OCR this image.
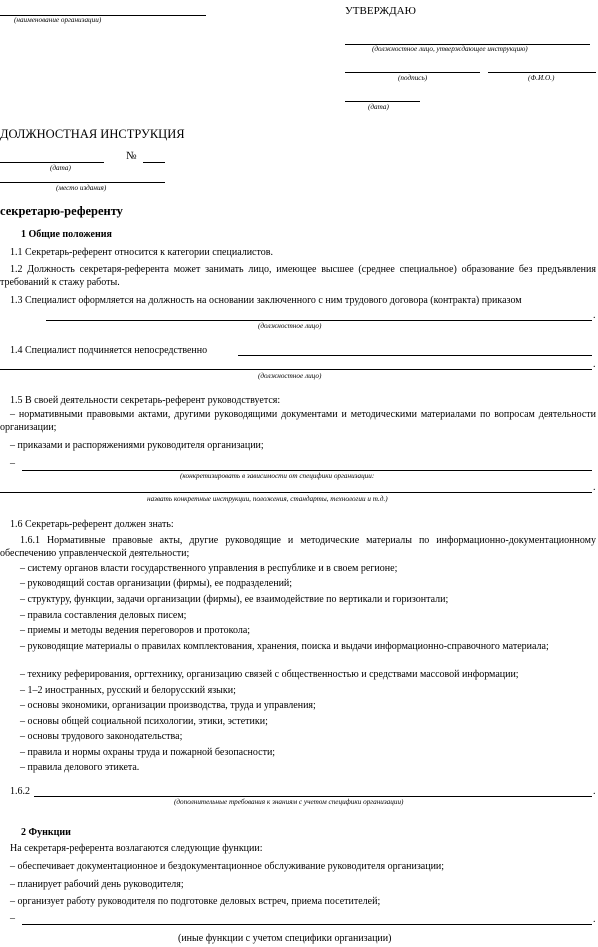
(наименование организации)
УТВЕРЖДАЮ
(должностное лицо, утверждающее инструкцию)
(подпись)	(Ф.И.О.)
(дата)
ДОЛЖНОСТНАЯ ИНСТРУКЦИЯ
№
(дата)
(место издания)
секретарю-референту
1 Общие положения
1.1 Секретарь-референт относится к категории специалистов.
1.2 Должность секретаря-референта может занимать лицо, имеющее высшее (среднее специальное) образование без предъявления требований к стажу работы.
1.3 Специалист оформляется на должность на основании заключенного с ним трудового договора (контракта) приказом
.
(должностное лицо)
1.4 Специалист подчиняется непосредственно
.
(должностное лицо)
1.5 В своей деятельности секретарь-референт руководствуется:
– нормативными правовыми актами, другими руководящими документами и методическими материалами по вопросам деятельности организации;
– приказами и распоряжениями руководителя организации;
–
(конкретизировать в зависимости от специфики организации:
.
назвать конкретные инструкции, положения, стандарты, технологии и т.д.)
1.6 Секретарь-референт должен знать:
1.6.1 Нормативные правовые акты, другие руководящие и методические материалы по информационно-документационному обеспечению управленческой деятельности;
– систему органов власти государственного управления в республике и в своем регионе;
– руководящий состав организации (фирмы), ее подразделений;
– структуру, функции, задачи организации (фирмы), ее взаимодействие по вертикали и горизонтали;
– правила составления деловых писем;
– приемы и методы ведения переговоров и протокола;
– руководящие материалы о правилах комплектования, хранения, поиска и выдачи информационно-справочного материала;
– технику реферирования, оргтехнику, организацию связей с общественностью и средствами массовой информации;
– 1–2 иностранных, русский и белорусский языки;
– основы экономики, организации производства, труда и управления;
– основы общей социальной психологии, этики, эстетики;
– основы трудового законодательства;
– правила и нормы охраны труда и пожарной безопасности;
– правила делового этикета.
1.6.2	.
(дополнительные требования к знаниям с учетом специфики организации)
2 Функции
На секретаря-референта возлагаются следующие функции:
– обеспечивает документационное и бездокументационное обслуживание руководителя организации;
– планирует рабочий день руководителя;
– организует работу руководителя по подготовке деловых встреч, приема посетителей;
–	.
(иные функции с учетом специфики организации)
